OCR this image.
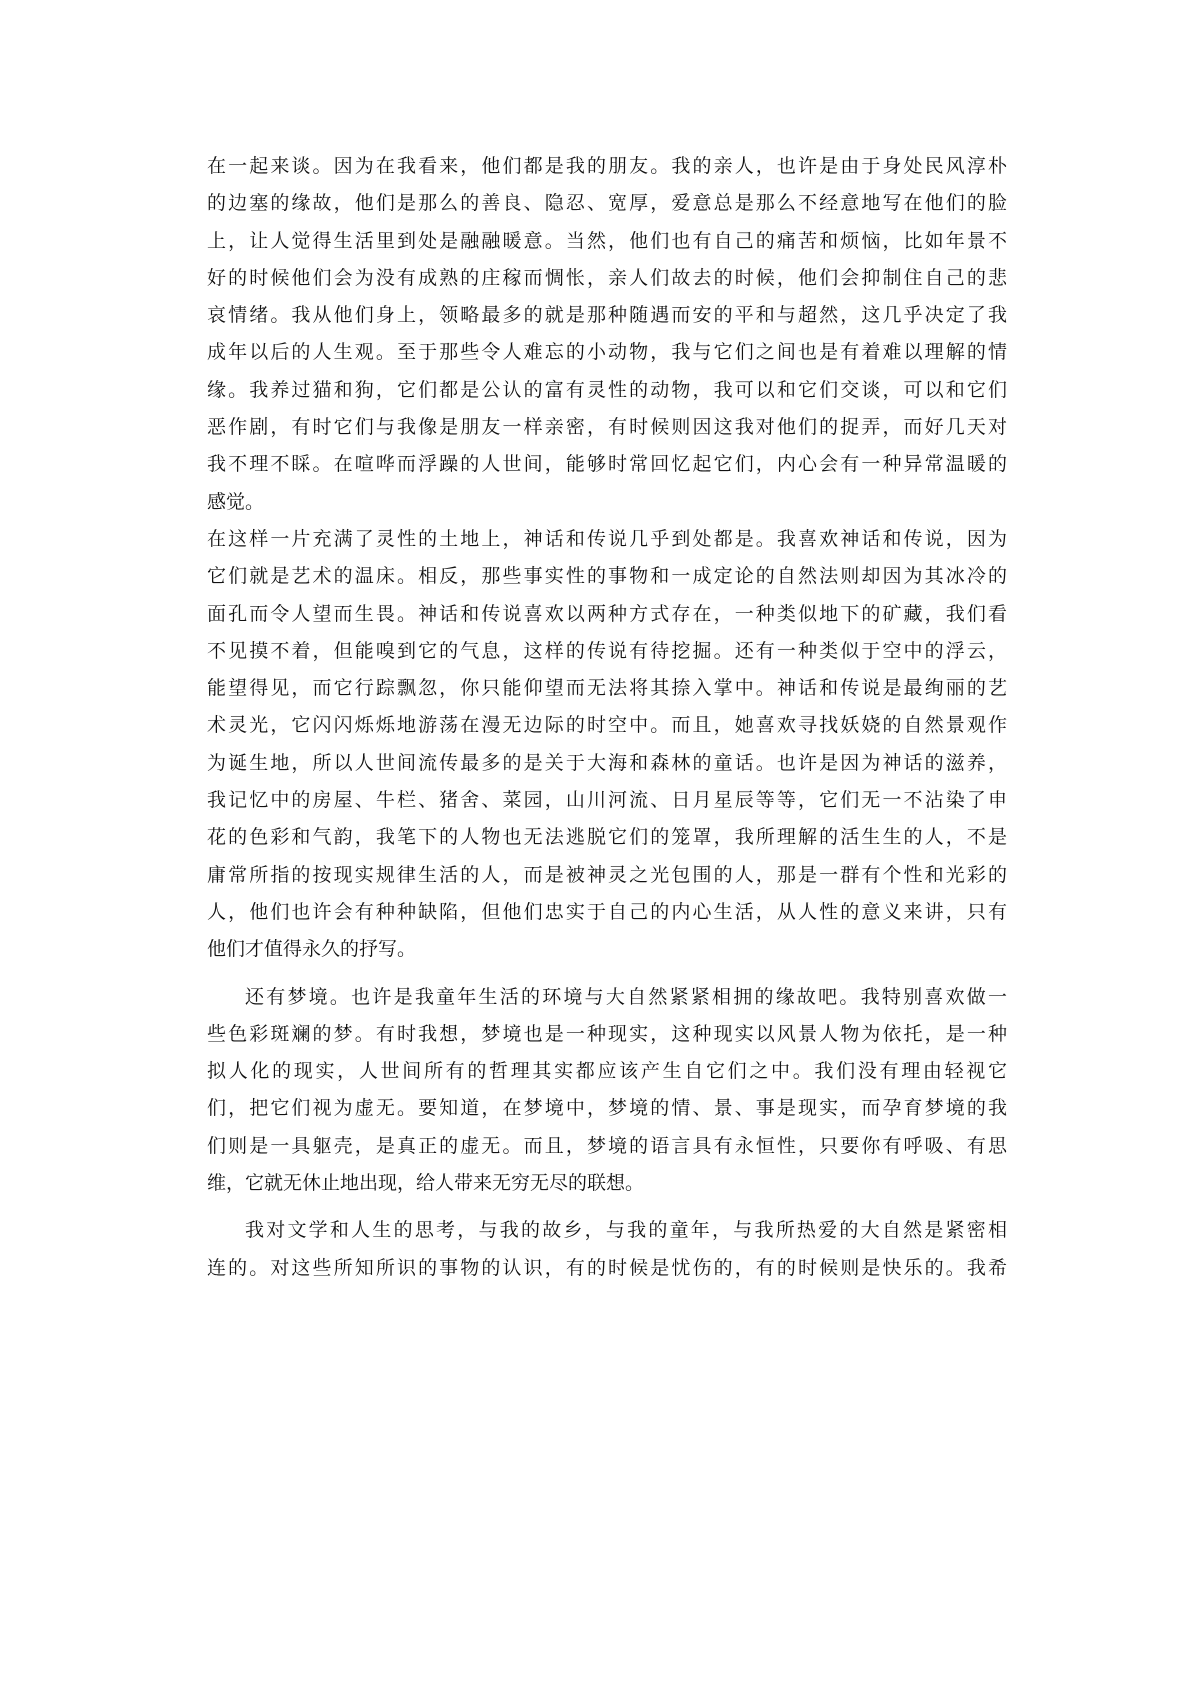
在一起来谈。因为在我看来，他们都是我的朋友。我的亲人，也许是由于身处民风淳朴
的边塞的缘故，他们是那么的善良、隐忍、宽厚，爱意总是那么不经意地写在他们的脸
上，让人觉得生活里到处是融融暖意。当然，他们也有自己的痛苦和烦恼，比如年景不
好的时候他们会为没有成熟的庄稼而惆怅，亲人们故去的时候，他们会抑制住自己的悲
哀情绪。我从他们身上，领略最多的就是那种随遇而安的平和与超然，这几乎决定了我
成年以后的人生观。至于那些令人难忘的小动物，我与它们之间也是有着难以理解的情
缘。我养过猫和狗，它们都是公认的富有灵性的动物，我可以和它们交谈，可以和它们
恶作剧，有时它们与我像是朋友一样亲密，有时候则因这我对他们的捉弄，而好几天对
我不理不睬。在喧哗而浮躁的人世间，能够时常回忆起它们，内心会有一种异常温暖的
感觉。
在这样一片充满了灵性的土地上，神话和传说几乎到处都是。我喜欢神话和传说，因为
它们就是艺术的温床。相反，那些事实性的事物和一成定论的自然法则却因为其冰冷的
面孔而令人望而生畏。神话和传说喜欢以两种方式存在，一种类似地下的矿藏，我们看
不见摸不着，但能嗅到它的气息，这样的传说有待挖掘。还有一种类似于空中的浮云，
能望得见，而它行踪飘忽，你只能仰望而无法将其捺入掌中。神话和传说是最绚丽的艺
术灵光，它闪闪烁烁地游荡在漫无边际的时空中。而且，她喜欢寻找妖娆的自然景观作
为诞生地，所以人世间流传最多的是关于大海和森林的童话。也许是因为神话的滋养，
我记忆中的房屋、牛栏、猪舍、菜园，山川河流、日月星辰等等，它们无一不沾染了申
花的色彩和气韵，我笔下的人物也无法逃脱它们的笼罩，我所理解的活生生的人，不是
庸常所指的按现实规律生活的人，而是被神灵之光包围的人，那是一群有个性和光彩的
人，他们也许会有种种缺陷，但他们忠实于自己的内心生活，从人性的意义来讲，只有
他们才值得永久的抒写。
还有梦境。也许是我童年生活的环境与大自然紧紧相拥的缘故吧。我特别喜欢做一
些色彩斑斓的梦。有时我想，梦境也是一种现实，这种现实以风景人物为依托，是一种
拟人化的现实，人世间所有的哲理其实都应该产生自它们之中。我们没有理由轻视它
们，把它们视为虚无。要知道，在梦境中，梦境的情、景、事是现实，而孕育梦境的我
们则是一具躯壳，是真正的虚无。而且，梦境的语言具有永恒性，只要你有呼吸、有思
维，它就无休止地出现，给人带来无穷无尽的联想。
我对文学和人生的思考，与我的故乡，与我的童年，与我所热爱的大自然是紧密相
连的。对这些所知所识的事物的认识，有的时候是忧伤的，有的时候则是快乐的。我希
